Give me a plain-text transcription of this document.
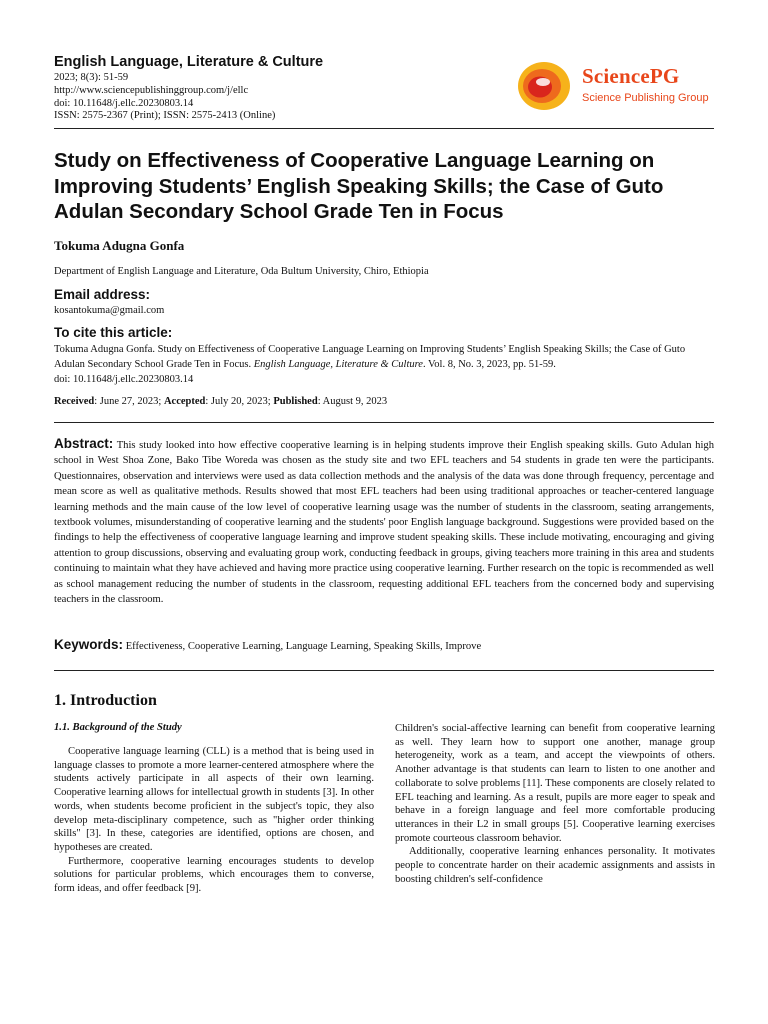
English Language, Literature & Culture
2023; 8(3): 51-59
http://www.sciencepublishinggroup.com/j/ellc
doi: 10.11648/j.ellc.20230803.14
ISSN: 2575-2367 (Print); ISSN: 2575-2413 (Online)
SciencePG
Science Publishing Group
Study on Effectiveness of Cooperative Language Learning on Improving Students’ English Speaking Skills; the Case of Guto Adulan Secondary School Grade Ten in Focus
Tokuma Adugna Gonfa
Department of English Language and Literature, Oda Bultum University, Chiro, Ethiopia
Email address:
kosantokuma@gmail.com
To cite this article:
Tokuma Adugna Gonfa. Study on Effectiveness of Cooperative Language Learning on Improving Students’ English Speaking Skills; the Case of Guto Adulan Secondary School Grade Ten in Focus. English Language, Literature & Culture. Vol. 8, No. 3, 2023, pp. 51-59.
doi: 10.11648/j.ellc.20230803.14
Received: June 27, 2023; Accepted: July 20, 2023; Published: August 9, 2023
Abstract: This study looked into how effective cooperative learning is in helping students improve their English speaking skills. Guto Adulan high school in West Shoa Zone, Bako Tibe Woreda was chosen as the study site and two EFL teachers and 54 students in grade ten were the participants. Questionnaires, observation and interviews were used as data collection methods and the analysis of the data was done through frequency, percentage and mean score as well as qualitative methods. Results showed that most EFL teachers had been using traditional approaches or teacher-centered language learning methods and the main cause of the low level of cooperative learning usage was the number of students in the classroom, seating arrangements, textbook volumes, misunderstanding of cooperative learning and the students' poor English language background. Suggestions were provided based on the findings to help the effectiveness of cooperative language learning and improve student speaking skills. These include motivating, encouraging and giving attention to group discussions, observing and evaluating group work, conducting feedback in groups, giving teachers more training in this area and students continuing to maintain what they have achieved and having more practice using cooperative learning. Further research on the topic is recommended as well as school management reducing the number of students in the classroom, requesting additional EFL teachers from the concerned body and supervising teachers in the classroom.
Keywords: Effectiveness, Cooperative Learning, Language Learning, Speaking Skills, Improve
1. Introduction
1.1. Background of the Study

Cooperative language learning (CLL) is a method that is being used in language classes to promote a more learner-centered atmosphere where the students actively participate in all aspects of their own learning. Cooperative learning allows for intellectual growth in students [3]. In other words, when students become proficient in the subject's topic, they also develop meta-disciplinary competence, such as "higher order thinking skills" [3]. In these, categories are identified, options are chosen, and hypotheses are created.

Furthermore, cooperative learning encourages students to develop solutions for particular problems, which encourages them to converse, form ideas, and offer feedback [9].

Children's social-affective learning can benefit from cooperative learning as well. They learn how to support one another, manage group heterogeneity, work as a team, and accept the viewpoints of others. Another advantage is that students can learn to listen to one another and collaborate to solve problems [11]. These components are closely related to EFL teaching and learning. As a result, pupils are more eager to speak and behave in a foreign language and feel more comfortable producing utterances in their L2 in small groups [5]. Cooperative learning exercises promote courteous classroom behavior.

Additionally, cooperative learning enhances personality. It motivates people to concentrate harder on their academic assignments and assists in boosting children's self-confidence
